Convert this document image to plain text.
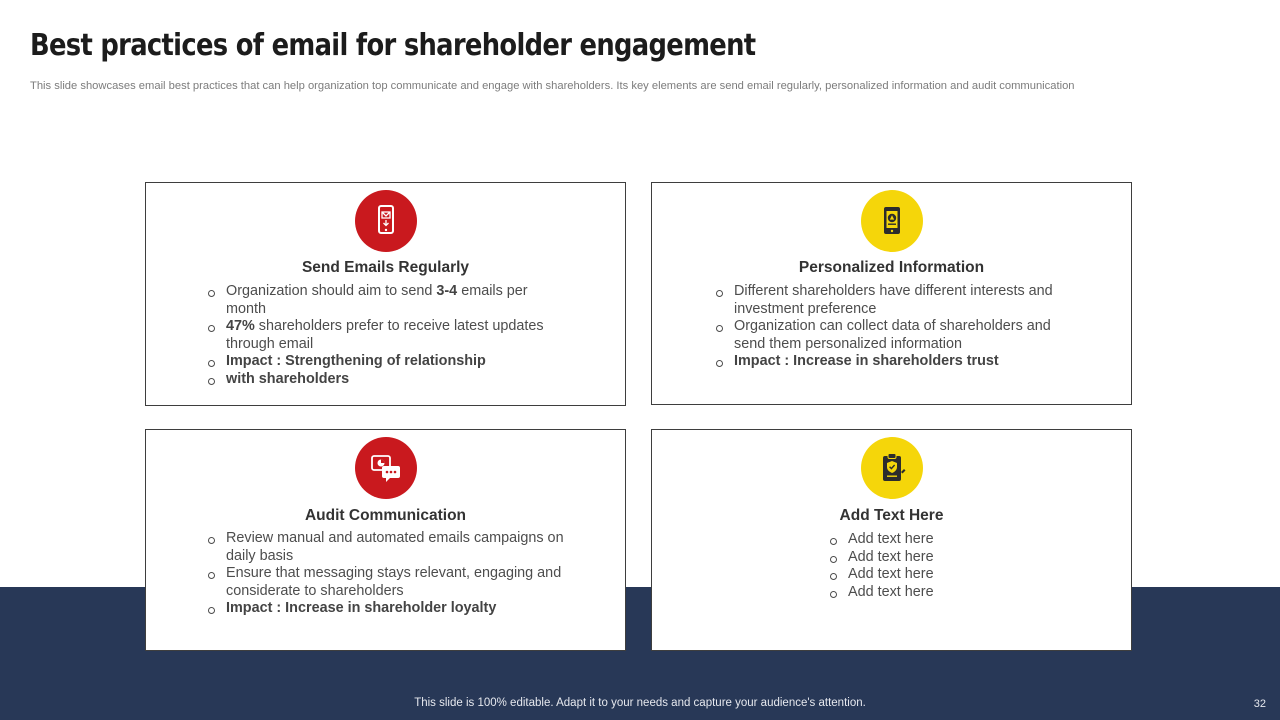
Best practices of email for shareholder engagement
This slide showcases email best practices that can help organization top communicate and engage with shareholders. Its key elements are send email regularly, personalized information and audit communication
This slide is 100% editable. Adapt it to your needs and capture your audience's attention.	32
Send Emails Regularly
Organization should aim to send 3-4 emails per month
47% shareholders prefer to receive latest updates through email
Impact : Strengthening of relationship
with shareholders
Personalized Information
Different shareholders have different interests and investment preference
Organization can collect data of shareholders and send them personalized information
Impact : Increase in shareholders trust
Audit Communication
Review manual and automated emails campaigns on daily basis
Ensure that messaging stays relevant, engaging and considerate to shareholders
Impact : Increase in shareholder loyalty
Add Text Here
Add text here
Add text here
Add text here
Add text here
